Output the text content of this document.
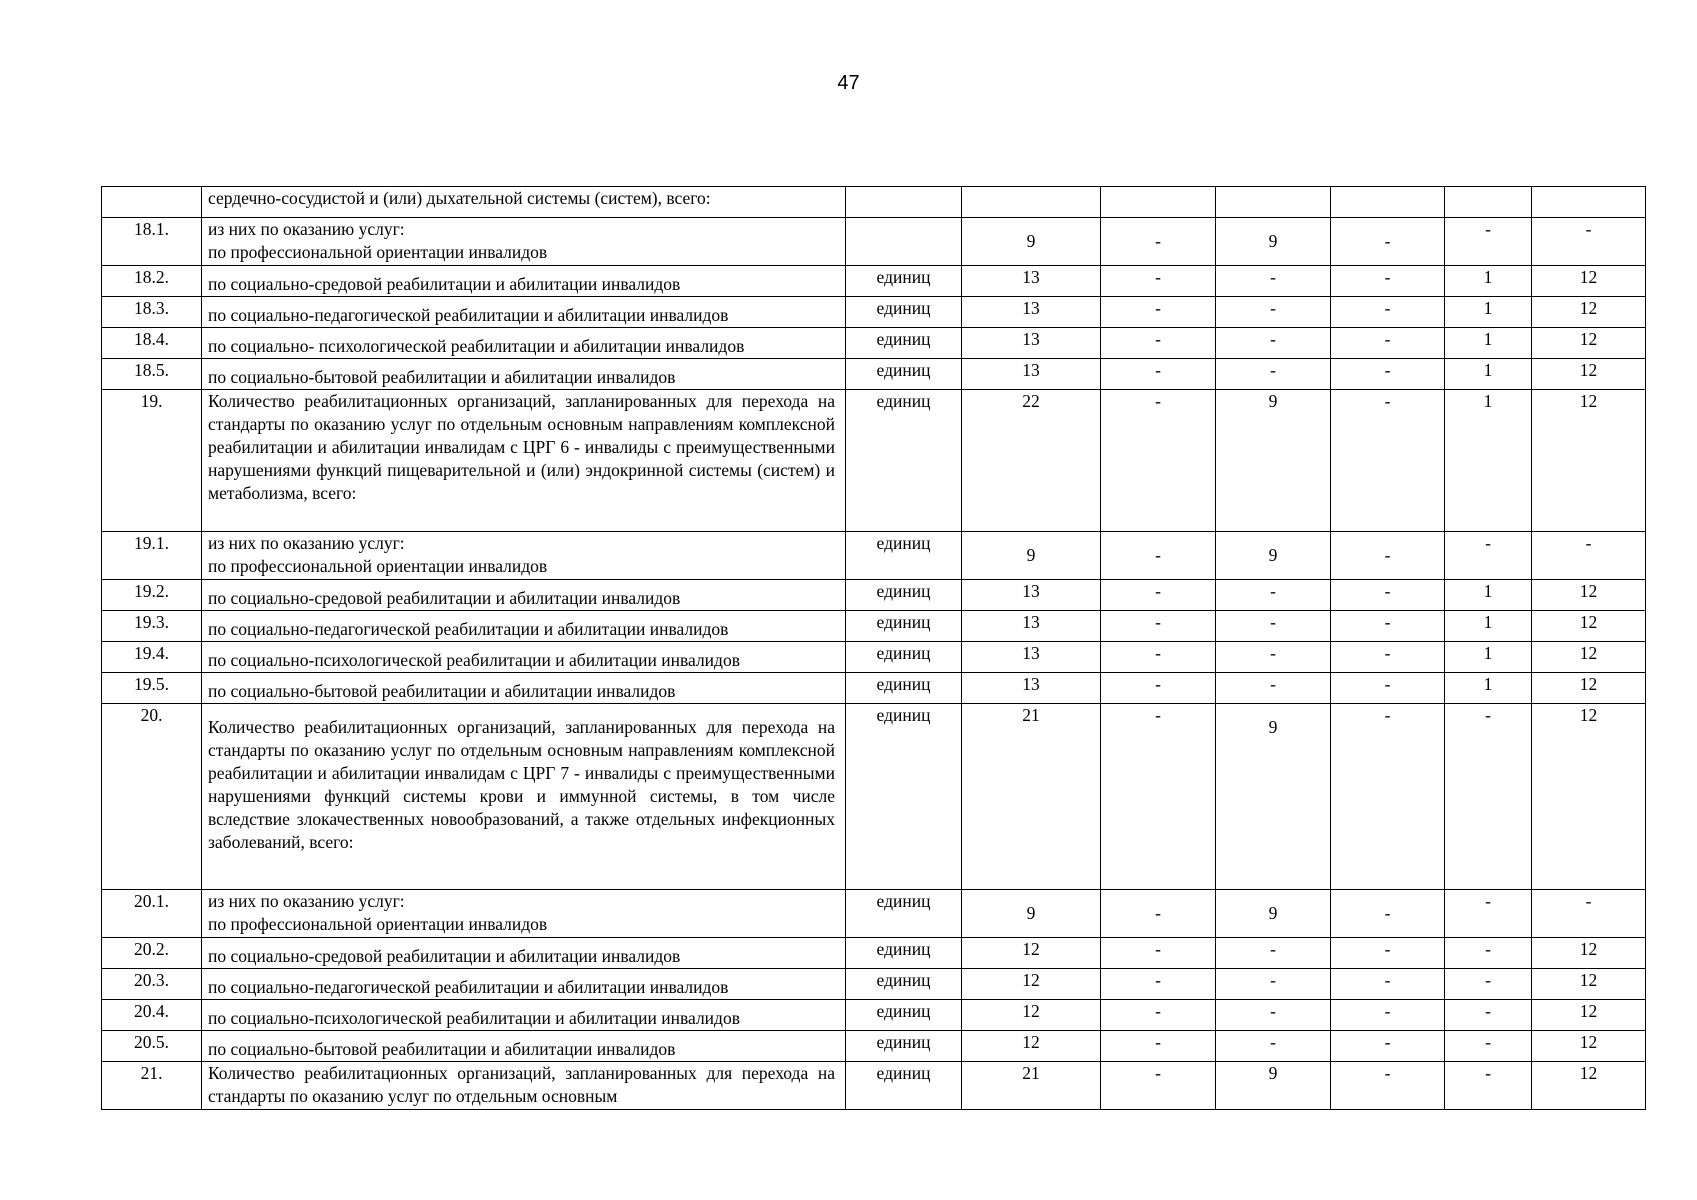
47

	сердечно-сосудистой и (или) дыхательной системы (систем), всего:							

18.1.	из них по оказанию услуг:
по профессиональной ориентации инвалидов		9	-	9	-	-	-
18.2.	по социально-средовой реабилитации и абилитации инвалидов	единиц	13	-	-	-	1	12
18.3.	по социально-педагогической реабилитации и абилитации инвалидов	единиц	13	-	-	-	1	12
18.4.	по социально- психологической реабилитации и абилитации инвалидов	единиц	13	-	-	-	1	12
18.5.	по социально-бытовой реабилитации и абилитации инвалидов	единиц	13	-	-	-	1	12
19.	Количество реабилитационных организаций, запланированных для перехода на стандарты по оказанию услуг по отдельным основным направлениям комплексной реабилитации и абилитации инвалидам с ЦРГ 6 - инвалиды с преимущественными нарушениями функций пищеварительной и (или) эндокринной системы (систем) и метаболизма, всего:	единиц	22	-	9	-	1	12
19.1.	из них по оказанию услуг:
по профессиональной ориентации инвалидов	единиц	9	-	9	-	-	-
19.2.	по социально-средовой реабилитации и абилитации инвалидов	единиц	13	-	-	-	1	12
19.3.	по социально-педагогической реабилитации и абилитации инвалидов	единиц	13	-	-	-	1	12
19.4.	по социально-психологической реабилитации и абилитации инвалидов	единиц	13	-	-	-	1	12
19.5.	по социально-бытовой реабилитации и абилитации инвалидов	единиц	13	-	-	-	1	12
20.	Количество реабилитационных организаций, запланированных для перехода на стандарты по оказанию услуг по отдельным основным направлениям комплексной реабилитации и абилитации инвалидам с ЦРГ 7 - инвалиды с преимущественными нарушениями функций системы крови и иммунной системы, в том числе вследствие злокачественных новообразований, а также отдельных инфекционных заболеваний, всего:	единиц	21	-	9	-	-	12
20.1.	из них по оказанию услуг:
по профессиональной ориентации инвалидов	единиц	9	-	9	-	-	-
20.2.	по социально-средовой реабилитации и абилитации инвалидов	единиц	12	-	-	-	-	12
20.3.	по социально-педагогической реабилитации и абилитации инвалидов	единиц	12	-	-	-	-	12
20.4.	по социально-психологической реабилитации и абилитации инвалидов	единиц	12	-	-	-	-	12
20.5.	по социально-бытовой реабилитации и абилитации инвалидов	единиц	12	-	-	-	-	12
21.	Количество реабилитационных организаций, запланированных для перехода на стандарты по оказанию услуг по отдельным основным	единиц	21	-	9	-	-	12
